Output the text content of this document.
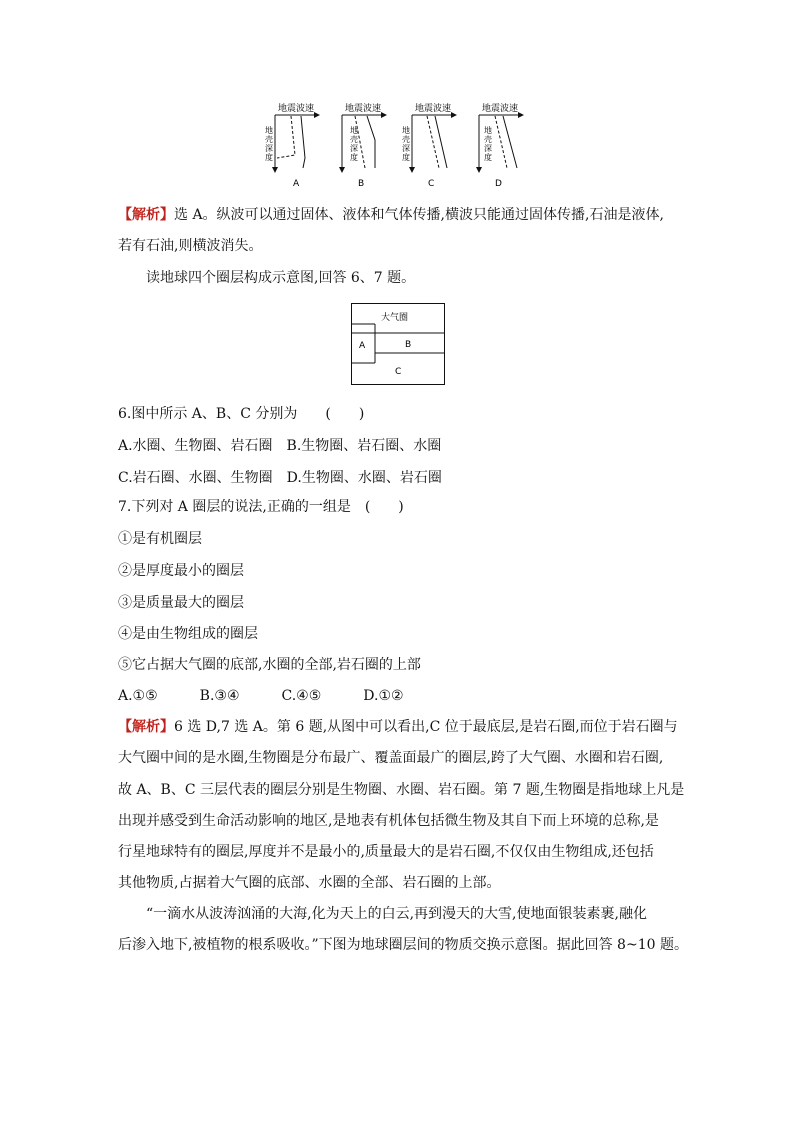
地震波速
地
壳
深
度
A
地震波速
地
壳
深
度
B
地震波速
地
壳
深
度
C
地震波速
地
壳
深
度
D
【解析】选 A。纵波可以通过固体、液体和气体传播,横波只能通过固体传播,石油是液体,
若有石油,则横波消失。
读地球四个圈层构成示意图,回答 6、7 题。
大气圈
A	B
C
6.图中所示 A、B、C 分别为　　(　　)
A.水圈、生物圈、岩石圈　B.生物圈、岩石圈、水圈
C.岩石圈、水圈、生物圈　D.生物圈、水圈、岩石圈
7.下列对 A 圈层的说法,正确的一组是　(　　)
①是有机圈层
②是厚度最小的圈层
③是质量最大的圈层
④是由生物组成的圈层
⑤它占据大气圈的底部,水圈的全部,岩石圈的上部
A.①⑤　　　B.③④　　　C.④⑤　　　D.①②
【解析】6 选 D,7 选 A。第 6 题,从图中可以看出,C 位于最底层,是岩石圈,而位于岩石圈与
大气圈中间的是水圈,生物圈是分布最广、覆盖面最广的圈层,跨了大气圈、水圈和岩石圈,
故 A、B、C 三层代表的圈层分别是生物圈、水圈、岩石圈。第 7 题,生物圈是指地球上凡是
出现并感受到生命活动影响的地区,是地表有机体包括微生物及其自下而上环境的总称,是
行星地球特有的圈层,厚度并不是最小的,质量最大的是岩石圈,不仅仅由生物组成,还包括
其他物质,占据着大气圈的底部、水圈的全部、岩石圈的上部。
“一滴水从波涛汹涌的大海,化为天上的白云,再到漫天的大雪,使地面银装素裹,融化
后渗入地下,被植物的根系吸收。”下图为地球圈层间的物质交换示意图。据此回答 8~10 题。
